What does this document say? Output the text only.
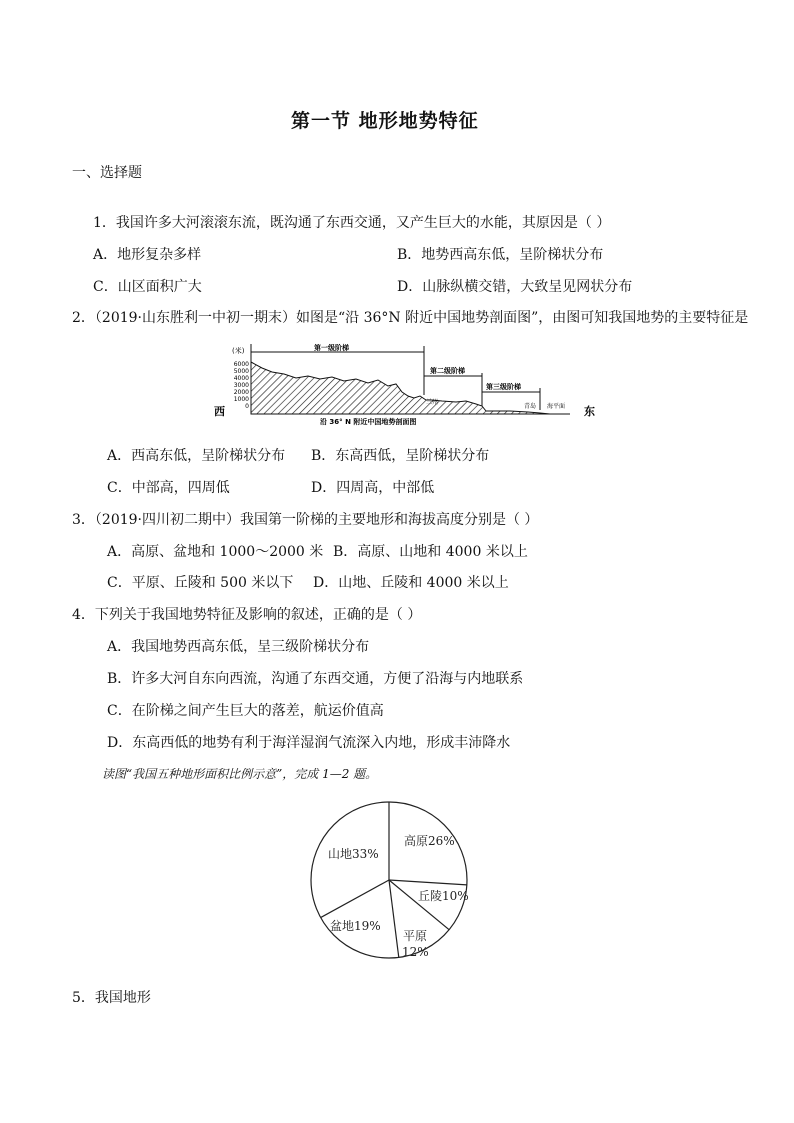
第一节 地形地势特征
一、选择题
1．我国许多大河滚滚东流，既沟通了东西交通，又产生巨大的水能，其原因是（ ）
A．地形复杂多样	B．地势西高东低，呈阶梯状分布
C．山区面积广大	D．山脉纵横交错，大致呈见网状分布
2．（2019·山东胜利一中初一期末）如图是“沿 36°N 附近中国地势剖面图”，由图可知我国地势的主要特征是
(米)
6000
5000
4000
3000
2000
1000
0
第一级阶梯
第二级阶梯
第三级阶梯
兰州
青岛 海平面
西	东
沿 36° N 附近中国地势剖面图
A．西高东低，呈阶梯状分布 B．东高西低，呈阶梯状分布
C．中部高，四周低	D．四周高，中部低
3．（2019·四川初二期中）我国第一阶梯的主要地形和海拔高度分别是（ ）
A．高原、盆地和 1000～2000 米 B．高原、山地和 4000 米以上
C．平原、丘陵和 500 米以下 D．山地、丘陵和 4000 米以上
4．下列关于我国地势特征及影响的叙述，正确的是（ ）
A．我国地势西高东低，呈三级阶梯状分布
B．许多大河自东向西流，沟通了东西交通，方便了沿海与内地联系
C．在阶梯之间产生巨大的落差，航运价值高
D．东高西低的地势有利于海洋湿润气流深入内地，形成丰沛降水
读图“我国五种地形面积比例示意”，完成 1—2 题。
山地33%
高原26%
丘陵10%
平原
12%
盆地19%
5．我国地形
